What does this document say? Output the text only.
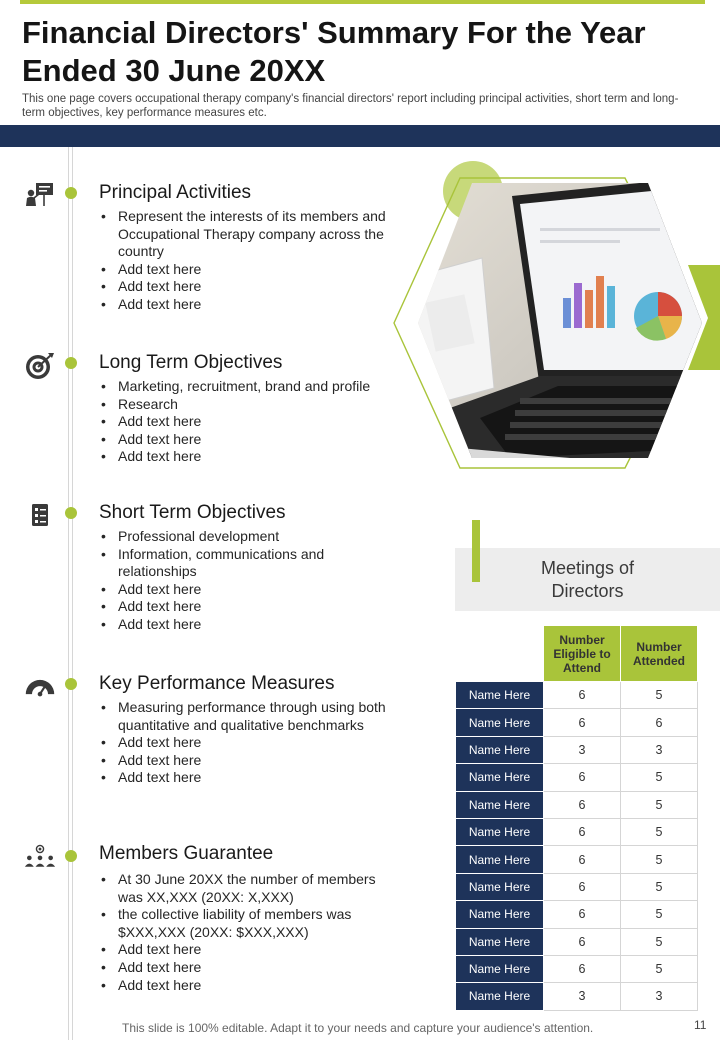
Financial Directors' Summary For the Year
Ended 30 June 20XX

This one page covers occupational therapy company's financial directors' report including principal activities, short term and long-term objectives, key performance measures etc.

Principal Activities
• Represent the interests of its members and Occupational Therapy company across the country
• Add text here
• Add text here
• Add text here
Long Term Objectives
• Marketing, recruitment, brand and profile
• Research
• Add text here
• Add text here
• Add text here
Short Term Objectives
• Professional development
• Information, communications and relationships
• Add text here
• Add text here
• Add text here
Key Performance Measures
• Measuring performance through using both quantitative and qualitative benchmarks
• Add text here
• Add text here
• Add text here
Members Guarantee
• At 30 June 20XX the number of members was XX,XXX (20XX: X,XXX)
• the collective liability of members was $XXX,XXX (20XX: $XXX,XXX)
• Add text here
• Add text here
• Add text here
Meetings of
Directors
	Number Eligible to Attend	Number Attended
Name Here	6	5
Name Here	6	6
Name Here	3	3
Name Here	6	5
Name Here	6	5
Name Here	6	5
Name Here	6	5
Name Here	6	5
Name Here	6	5
Name Here	6	5
Name Here	6	5
Name Here	3	3
This slide is 100% editable. Adapt it to your needs and capture your audience's attention.	11
